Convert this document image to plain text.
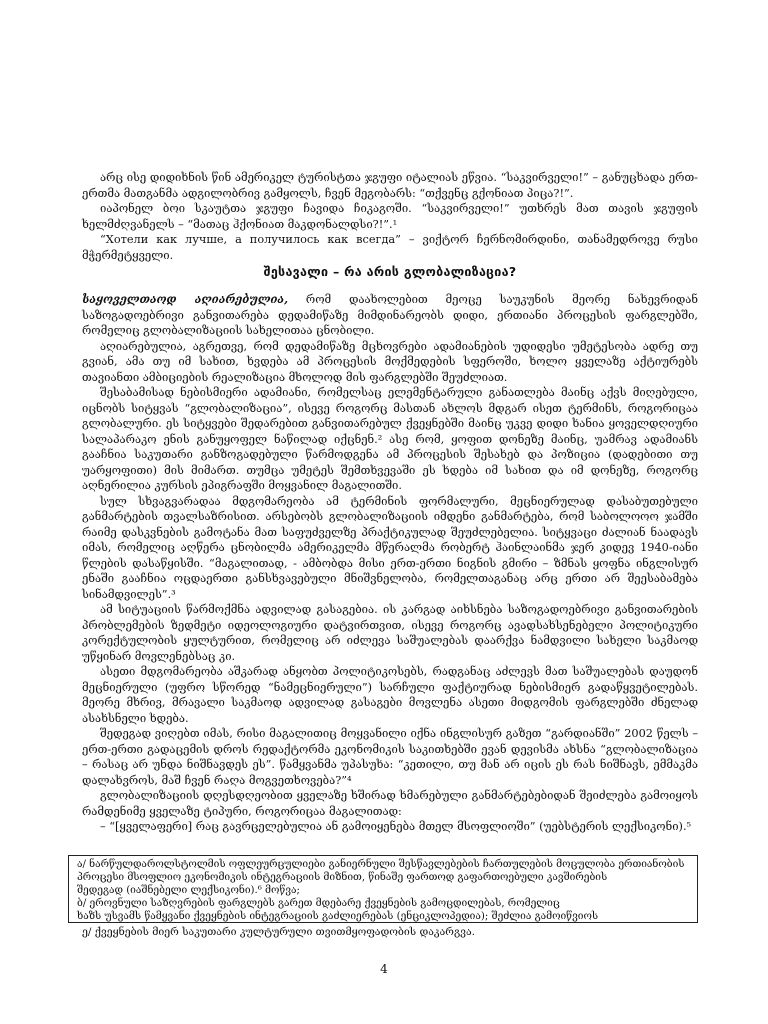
არც ისე დიდიხნის წინ ამერიკელ ტურისტთა ჯგუფი იტალიას ეწვია. “საკვირველი!” – განუცხადა ერთ-ერთმა მათგანმა ადგილობრივ გამყოლს, ჩვენ მეგობარს: “თქვენც გქონიათ პიცა?!”.

იაპონელ ბოი სკაუტთა ჯგუფი ჩავიდა ჩიკაგოში. “საკვირველი!” უთხრეს მათ თავის ჯგუფის ხელმძღვანელს – “მათაც ჰქონიათ მაკდონალდსი?!”.¹

“Хотели как лучше, а получилось как всегда” – ვიქტორ ჩერნომირდინი, თანამედროვე რუსი მჭერმეტყველი.

შესავალი – რა არის გლობალიზაცია?

საყოველთაოდ აღიარებულია, რომ დაახოლებით მეოცე საუკუნის მეორე ნახევრიდან საზოგადოებრივი განვითარება დედამიწაზე მიმდინარეობს დიდი, ერთიანი პროცესის ფარგლებში, რომელიც გლობალიზაციის სახელითაა ცნობილი.

აღიარებულია, აგრეთვე, რომ დედამიწაზე მცხოვრები ადამიანების უდიდესი უმეტესობა ადრე თუ გვიან, ამა თუ იმ სახით, ხვდება ამ პროცესის მოქმედების სფეროში, ხოლო ყველაზე აქტიურებს თავიანთი ამბიციების რეალიზაცია მხოლოდ მის ფარგლებში შეუძლიათ.

შესაბამისად ნებისმიერი ადამიანი, რომელსაც ელემენტარული განათლება მაინც აქვს მიღებული, იცნობს სიტყვას “გლობალიზაცია”, ისევე როგორც მასთან ახლოს მდგარ ისეთ ტერმინს, როგორიცაა გლობალური. ეს სიტყვები შედარებით განვითარებულ ქვეყნებში მაინც უკვე დიდი ხანია ყოველდღიური სალაპარაკო ენის განუყოფელ ნაწილად იქცნენ.² ასე რომ, ყოფით დონეზე მაინც, უამრავ ადამიანს გააჩნია საკუთარი განზოგადებული წარმოდგენა ამ პროცესის შესახებ და პოზიცია (დადებითი თუ უარყოფითი) მის მიმართ. თუმცა უმეტეს შემთხვევაში ეს ხდება იმ სახით და იმ დონეზე, როგორც აღნერილია კურსის ეპიგრაფში მოყვანილ მაგალითში.

სულ სხვაგვარადაა მდგომარეობა ამ ტერმინის ფორმალური, მეცნიერულად დასაბუთებული განმარტების თვალსაზრისით. არსებობს გლობალიზაციის იმდენი განმარტება, რომ საბოლოოო ჯამში რაიმე დასკვნების გამოტანა მათ საფუძველზე პრაქტიკულად შეუძლებელია. სიტყვაცი ძალიან ნაადავს იმას, რომელიც აღწერა ცნობილმა ამერიკელმა მწერალმა რობერტ ჰაინლაინმა ჯერ კიდევ 1940-იანი წლების დასაწყისში. “მაგალითად, - ამბობდა მისი ერთ-ერთი ნიგნის გმირი – ზმნას ყოფნა ინგლისურ ენაში გააჩნია ოცდაერთი განსხვავებული მნიშვნელობა, რომელთაგანაც არც ერთი არ შეესაბამება სინამდვილეს”.³

ამ სიტუაციის წარმოქმნა ადვილად გასაგებია. ის კარგად აიხსნება საზოგადოებრივი განვითარების პრობლემების ზედმეტი იდეოლოგიური დატვირთვით, ისევე როგორც ავადსახსენებელი პოლიტიკური კორექტულობის ყულტურით, რომელიც არ იძლევა საშუალებას დაარქვა ნამდვილი სახელი საკმაოდ უწყინარ მოვლენებსაც კი.

ასეთი მდგომარეობა აშკარად ანყობთ პოლიტიკოსებს, რადგანაც აძლევს მათ საშუალებას დაუდონ მეცნიერული (უფრო სწორედ “ნამეცნიერული”) სარჩული ფაქტიურად ნებისმიერ გადაწყვეტილებას. მეორე მხრივ, მრავალი საკმაოდ ადვილად გასაგები მოვლენა ასეთი მიდგომის ფარგლებში ძნელად ასახსნელი ხდება.

შედეგად ვიღებთ იმას, რისი მაგალითიც მოყვანილი იქნა ინგლისურ გაზეთ “გარდიანში” 2002 წელს – ერთ-ერთი გადაცემის დროს რედაქტორმა ეკონომიკის საკითხებში ევან დევისმა ახსნა “გლობალიზაცია – რასაც არ უნდა ნიშნავდეს ეს”. წამყვანმა უპასუხა: “კეთილი, თუ მან არ იცის ეს რას ნიშნავს, ემმაკმა დალახვროს, მაშ ჩვენ რაღა მოგვეთხოვება?”⁴

გლობალიზაციის დღესდღეობით ყველაზე ხშირად ხმარებული განმარტებებიდან შეიძლება გამოიყოს რამდენიმე ყველაზე ტიპური, როგორიცაა მაგალითად:

– “[ყველაფერი] რაც გავრცელებულია ან გამოიყენება მთელ მსოფლიოში” (უებსტერის ლექსიკონი).⁵

ა/ ნარწულდაროლსტოლმის ოფლეურცულიები განიერნული შესწავლებების ჩართულების მოცულობა ერთიანობის

პროცესი მსოფლიო ეკონომიკის ინტეგრაციის მიზნით, წინაშე ფართოდ გაფართოებული კავშირების

შედეგად (იაშნებელი ლექსიკონი).⁶ მოწვა;

ბ/ ეროვნული საზღვრების ფარგლებს გარეთ მდებარე ქვეყნების გამოცდილებას, რომელიც

ხაზს უსვამს წამყვანი ქვეყნების ინტეგრაციის გაძლიერებას (ენციკლოპედია); შეძლია გამოიწვიოს

ე/ ქვეყნების მიერ საკუთარი კულტურული თვითმყოფადობის დაკარგვა.
4
